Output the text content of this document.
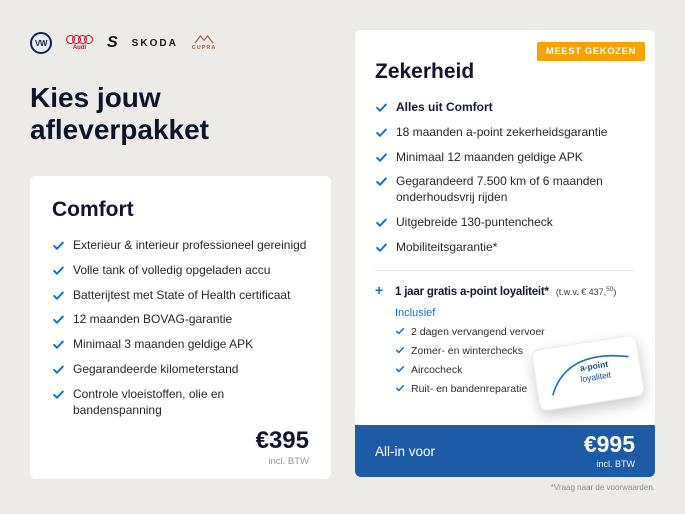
VW
Audi S SKODA	CUPRA
Kies jouw afleverpakket
Comfort
Exterieur & interieur professioneel gereinigd
Volle tank of volledig opgeladen accu
Batterijtest met State of Health certificaat
12 maanden BOVAG-garantie
Minimaal 3 maanden geldige APK
Gegarandeerde kilometerstand
Controle vloeistoffen, olie en bandenspanning
€395
incl. BTW
MEEST GEKOZEN
Zekerheid
Alles uit Comfort
18 maanden a-point zekerheidsgarantie
Minimaal 12 maanden geldige APK
Gegarandeerd 7.500 km of 6 maanden onderhoudsvrij rijden
Uitgebreide 130-puntencheck
Mobiliteitsgarantie*
+	1 jaar gratis a-point loyaliteit* (t.w.v. € 437,50)
Inclusief
2 dagen vervangend vervoer
Zomer- en winterchecks
Aircocheck
Ruit- en bandenreparatie
a-point
loyaliteit
All-in voor	€995
incl. BTW
*Vraag naar de voorwaarden.
